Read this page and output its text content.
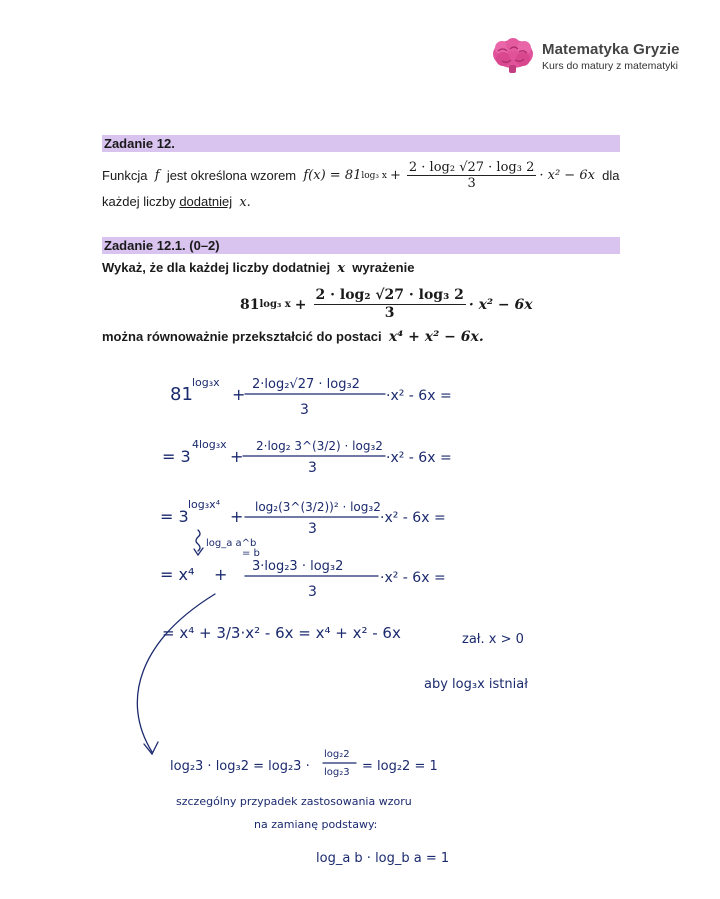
Matematyka Gryzie
Kurs do matury z matematyki
Zadanie 12.
Funkcja
f
jest określona wzorem
f(x) = 81 log₃ $x + \frac{\text{2 · log₂ √27 · log₃ 2}}{3} \cdot x^2 - 6x$
dla
każdej liczby dodatniej x.
Zadanie 12.1. (0–2)
Wykaż, że dla każdej liczby dodatniej x wyrażenie
81 log₃ $x + \frac{\text{2 · log₂ √27 · log₃ 2}}{3} \cdot x^2 - 6x$
można równoważnie przekształcić do postaci x⁴ + x² − 6x.
81
log₃x
+
2·log₂√27 · log₃2
3
·x² - 6x =
= 3
4log₃x
+
2·log₂ 3^(3/2) · log₃2
3
·x² - 6x =
= 3
log₃x⁴
+ log₂(3^(3/2))² · log₃2
3
·x² - 6x =
log_a a^b
= b
= x⁴ + 3·log₂3 · log₃2
3
·x² - 6x =
= x⁴ + 3/3·x² - 6x = x⁴ + x² - 6x	zał. x > 0
aby log₃x istniał
log₂3 · log₃2 = log₂3 ·
log₂2
log₂3 = log₂2 = 1
szczególny przypadek zastosowania wzoru
na zamianę podstawy:
log_a b · log_b a = 1
